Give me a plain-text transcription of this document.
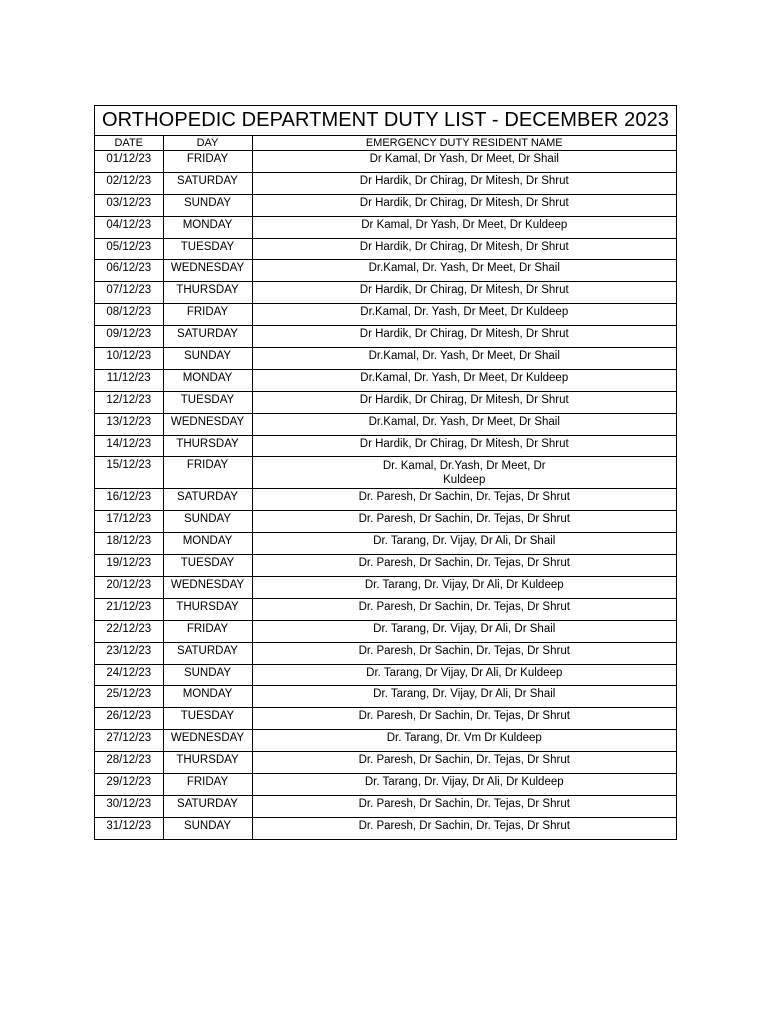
ORTHOPEDIC DEPARTMENT DUTY LIST - DECEMBER 2023
DATE	DAY	EMERGENCY DUTY RESIDENT NAME
01/12/23	FRIDAY	Dr Kamal, Dr Yash, Dr Meet, Dr Shail
02/12/23	SATURDAY	Dr Hardik, Dr Chirag, Dr Mitesh, Dr Shrut
03/12/23	SUNDAY	Dr Hardik, Dr Chirag, Dr Mitesh, Dr Shrut
04/12/23	MONDAY	Dr Kamal, Dr Yash, Dr Meet, Dr Kuldeep
05/12/23	TUESDAY	Dr Hardik, Dr Chirag, Dr Mitesh, Dr Shrut
06/12/23	WEDNESDAY	Dr.Kamal, Dr. Yash, Dr Meet, Dr Shail
07/12/23	THURSDAY	Dr Hardik, Dr Chirag, Dr Mitesh, Dr Shrut
08/12/23	FRIDAY	Dr.Kamal, Dr. Yash, Dr Meet, Dr Kuldeep
09/12/23	SATURDAY	Dr Hardik, Dr Chirag, Dr Mitesh, Dr Shrut
10/12/23	SUNDAY	Dr.Kamal, Dr. Yash, Dr Meet, Dr Shail
11/12/23	MONDAY	Dr.Kamal, Dr. Yash, Dr Meet, Dr Kuldeep
12/12/23	TUESDAY	Dr Hardik, Dr Chirag, Dr Mitesh, Dr Shrut
13/12/23	WEDNESDAY	Dr.Kamal, Dr. Yash, Dr Meet, Dr Shail
14/12/23	THURSDAY	Dr Hardik, Dr Chirag, Dr Mitesh, Dr Shrut
15/12/23	FRIDAY	Dr. Kamal, Dr.Yash, Dr Meet, Dr Kuldeep
16/12/23	SATURDAY	Dr. Paresh, Dr Sachin, Dr. Tejas, Dr Shrut
17/12/23	SUNDAY	Dr. Paresh, Dr Sachin, Dr. Tejas, Dr Shrut
18/12/23	MONDAY	Dr. Tarang, Dr. Vijay, Dr Ali, Dr Shail
19/12/23	TUESDAY	Dr. Paresh, Dr Sachin, Dr. Tejas, Dr Shrut
20/12/23	WEDNESDAY	Dr. Tarang, Dr. Vijay, Dr Ali, Dr Kuldeep
21/12/23	THURSDAY	Dr. Paresh, Dr Sachin, Dr. Tejas, Dr Shrut
22/12/23	FRIDAY	Dr. Tarang, Dr. Vijay, Dr Ali, Dr Shail
23/12/23	SATURDAY	Dr. Paresh, Dr Sachin, Dr. Tejas, Dr Shrut
24/12/23	SUNDAY	Dr. Tarang, Dr Vijay, Dr Ali, Dr Kuldeep
25/12/23	MONDAY	Dr. Tarang, Dr. Vijay, Dr Ali, Dr Shail
26/12/23	TUESDAY	Dr. Paresh, Dr Sachin, Dr. Tejas, Dr Shrut
27/12/23	WEDNESDAY	Dr. Tarang, Dr. Vm Dr Kuldeep
28/12/23	THURSDAY	Dr. Paresh, Dr Sachin, Dr. Tejas, Dr Shrut
29/12/23	FRIDAY	Dr. Tarang, Dr. Vijay, Dr Ali, Dr Kuldeep
30/12/23	SATURDAY	Dr. Paresh, Dr Sachin, Dr. Tejas, Dr Shrut
31/12/23	SUNDAY	Dr. Paresh, Dr Sachin, Dr. Tejas, Dr Shrut
